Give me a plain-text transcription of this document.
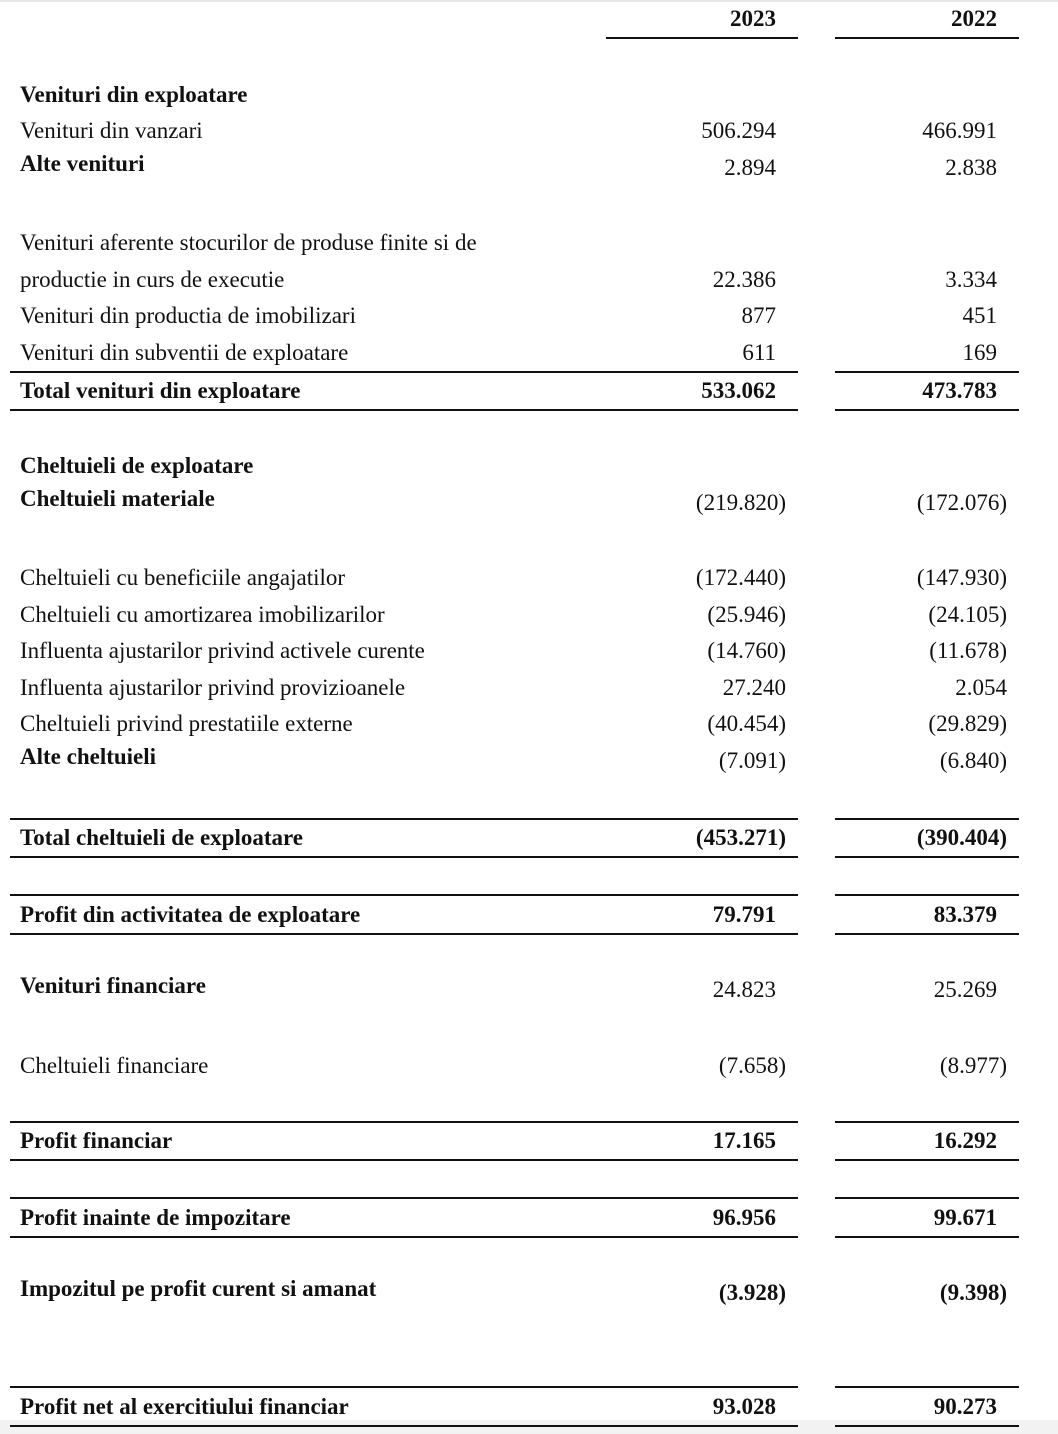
2023	2022
Venituri din exploatare
Venituri din vanzari	506.294	466.991
Alte venituri	2.894	2.838
Venituri aferente stocurilor de produse finite si de
productie in curs de executie	22.386	3.334
Venituri din productia de imobilizari	877	451
Venituri din subventii de exploatare	611	169
Total venituri din exploatare	533.062	473.783
Cheltuieli de exploatare
Cheltuieli materiale	(219.820)	(172.076)
Cheltuieli cu beneficiile angajatilor	(172.440)	(147.930)
Cheltuieli cu amortizarea imobilizarilor	(25.946)	(24.105)
Influenta ajustarilor privind activele curente	(14.760)	(11.678)
Influenta ajustarilor privind provizioanele	27.240	2.054
Cheltuieli privind prestatiile externe	(40.454)	(29.829)
Alte cheltuieli	(7.091)	(6.840)
Total cheltuieli de exploatare	(453.271)	(390.404)
Profit din activitatea de exploatare	79.791	83.379
Venituri financiare	24.823	25.269
Cheltuieli financiare	(7.658)	(8.977)
Profit financiar	17.165	16.292
Profit inainte de impozitare	96.956	99.671
Impozitul pe profit curent si amanat	(3.928)	(9.398)
Profit net al exercitiului financiar	93.028	90.273
